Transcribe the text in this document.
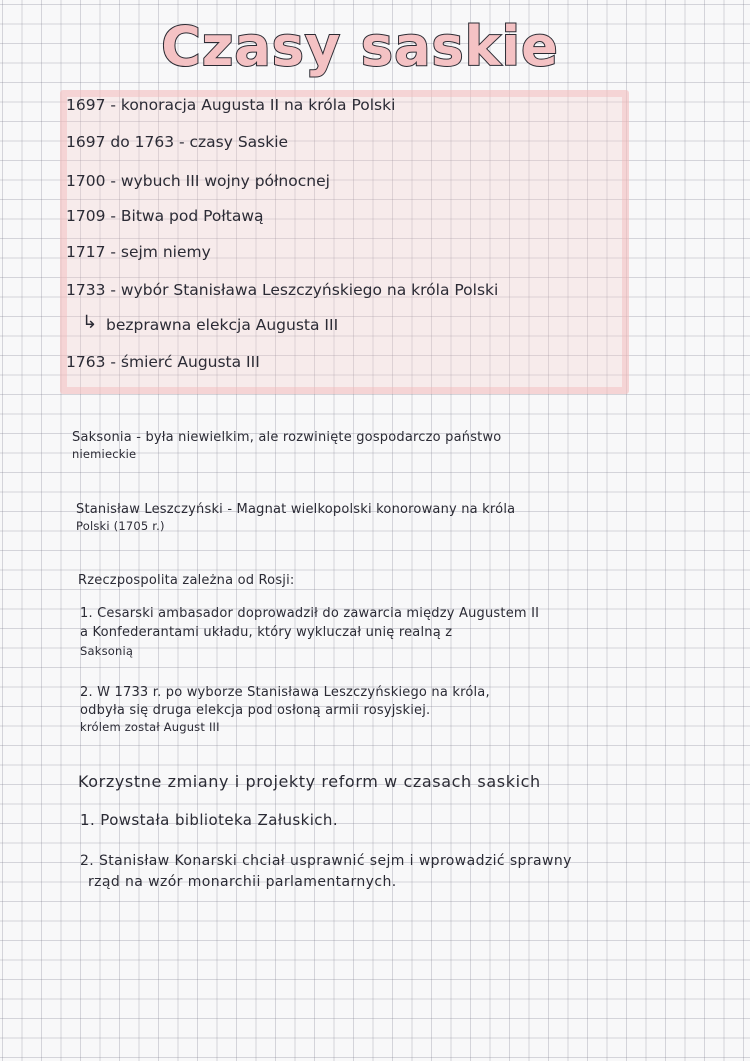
Czasy saskie
1697 - konoracja Augusta II na króla Polski
1697 do 1763 - czasy Saskie
1700 - wybuch III wojny północnej
1709 - Bitwa pod Połtawą
1717 - sejm niemy
1733 - wybór Stanisława Leszczyńskiego na króla Polski
↳ bezprawna elekcja Augusta III
1763 - śmierć Augusta III
Saksonia - była niewielkim, ale rozwinięte gospodarczo państwo
niemieckie
Stanisław Leszczyński - Magnat wielkopolski konorowany na króla
Polski (1705 r.)
Rzeczpospolita zależna od Rosji:
1. Cesarski ambasador doprowadził do zawarcia między Augustem II
a Konfederantami układu, który wykluczał unię realną z
Saksonią
2. W 1733 r. po wyborze Stanisława Leszczyńskiego na króla,
odbyła się druga elekcja pod osłoną armii rosyjskiej.
królem został August III
Korzystne zmiany i projekty reform w czasach saskich
1. Powstała biblioteka Załuskich.
2. Stanisław Konarski chciał usprawnić sejm i wprowadzić sprawny
rząd na wzór monarchii parlamentarnych.
